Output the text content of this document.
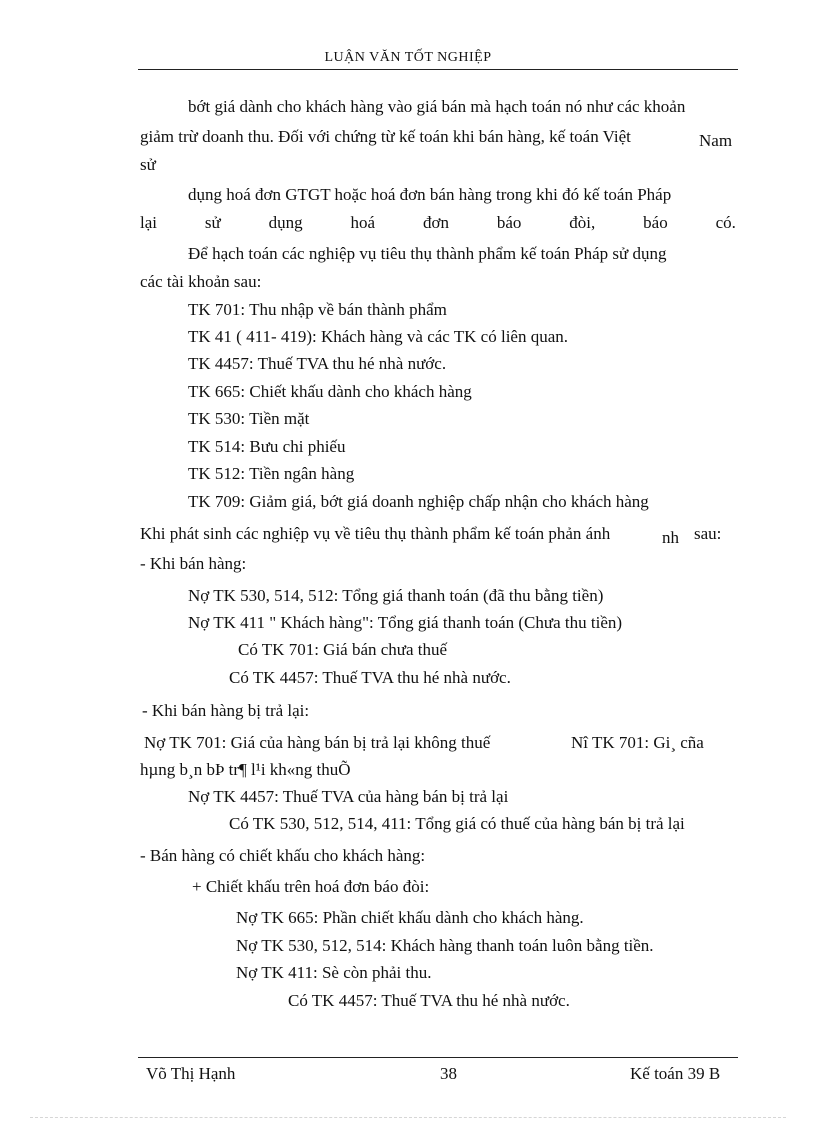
LUẬN VĂN TỐT NGHIỆP
bớt giá dành cho khách hàng vào giá bán mà hạch toán nó như các khoản
giảm trừ doanh thu. Đối với chứng từ kế toán khi bán hàng, kế toán Việt	Nam
sử
dụng hoá đơn GTGT hoặc hoá đơn bán hàng trong khi đó kế toán Pháp
lại	sử	dụng	hoá	đơn	báo	đòi,	báo	có.
Để hạch toán các nghiệp vụ tiêu thụ thành phẩm kế toán Pháp sử dụng
các tài khoản sau:
TK 701: Thu nhập về bán thành phẩm
TK 41 ( 411- 419): Khách hàng và các TK có liên quan.
TK 4457: Thuế TVA thu hé nhà nước.
TK 665: Chiết khấu dành cho khách hàng
TK 530: Tiền mặt
TK 514: Bưu chi phiếu
TK 512: Tiền ngân hàng
TK 709: Giảm giá, bớt giá doanh nghiệp chấp nhận cho khách hàng
Khi phát sinh các nghiệp vụ về tiêu thụ thành phẩm kế toán phản ánh	nh sau:
- Khi bán hàng:
Nợ TK 530, 514, 512: Tổng giá thanh toán (đã thu bằng tiền)
Nợ TK 411 " Khách hàng": Tổng giá thanh toán (Chưa thu tiền)
Có TK 701: Giá bán chưa thuế
Có TK 4457: Thuế TVA thu hé nhà nước.
- Khi bán hàng bị trả lại:
Nợ TK 701: Giá của hàng bán bị trả lại không thuế	Nî TK 701: Gi¸ cña
hµng b¸n bÞ tr¶ l¹i kh«ng thuÕ
Nợ TK 4457: Thuế TVA của hàng bán bị trả lại
Có TK 530, 512, 514, 411: Tổng giá có thuế của hàng bán bị trả lại
- Bán hàng có chiết khấu cho khách hàng:
+ Chiết khấu trên hoá đơn báo đòi:
Nợ TK 665: Phần chiết khấu dành cho khách hàng.
Nợ TK 530, 512, 514: Khách hàng thanh toán luôn bằng tiền.
Nợ TK 411: Sè còn phải thu.
Có TK 4457: Thuế TVA thu hé nhà nước.
Võ Thị Hạnh	38	Kế toán 39 B
